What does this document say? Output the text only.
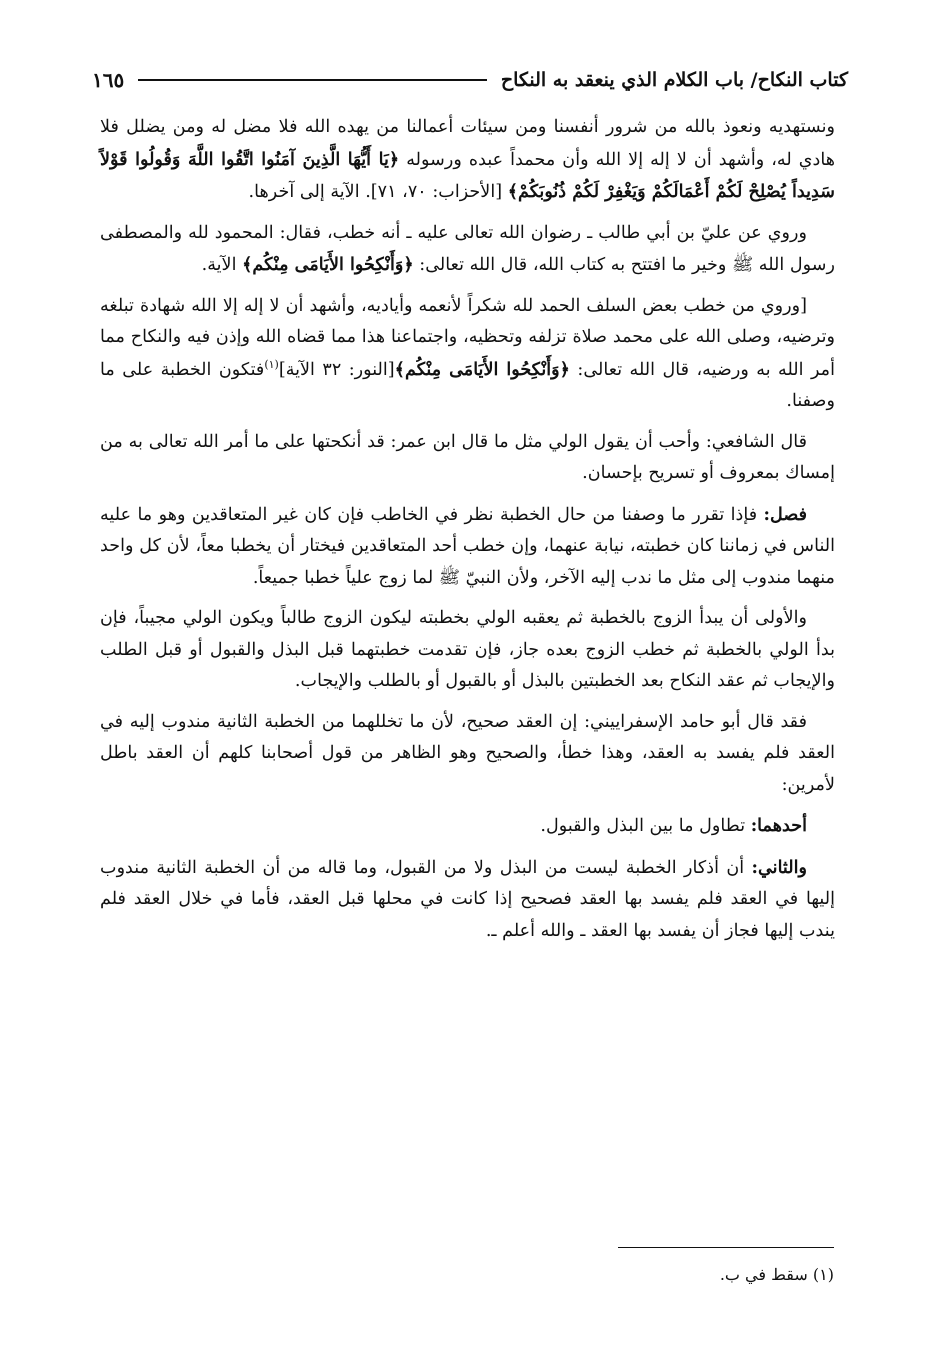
كتاب النكاح/ باب الكلام الذي ينعقد به النكاح
١٦٥

ونستهديه ونعوذ بالله من شرور أنفسنا ومن سيئات أعمالنا من يهده الله فلا مضل له ومن يضلل فلا هادي له، وأشهد أن لا إله إلا الله وأن محمداً عبده ورسوله ﴿يَا أَيُّهَا الَّذِينَ آمَنُوا اتَّقُوا اللَّهَ وَقُولُوا قَوْلاً سَدِيداً يُصْلِحْ لَكُمْ أَعْمَالَكُمْ وَيَغْفِرْ لَكُمْ ذُنُوبَكُمْ﴾ [الأحزاب: ٧٠، ٧١]. الآية إلى آخرها.

وروي عن عليّ بن أبي طالب ـ رضوان الله تعالى عليه ـ أنه خطب، فقال: المحمود لله والمصطفى رسول الله ﷺ وخير ما افتتح به كتاب الله، قال الله تعالى: ﴿وَأَنْكِحُوا الأَيَامَى مِنْكُم﴾ الآية.

[وروي من خطب بعض السلف الحمد لله شكراً لأنعمه وأياديه، وأشهد أن لا إله إلا الله شهادة تبلغه وترضيه، وصلى الله على محمد صلاة تزلفه وتحظيه، واجتماعنا هذا مما قضاه الله وإذن فيه والنكاح مما أمر الله به ورضيه، قال الله تعالى: ﴿وَأَنْكِحُوا الأَيَامَى مِنْكُم﴾[النور: ٣٢ الآية]$^{(١)}$فتكون الخطبة على ما وصفنا.

قال الشافعي: وأحب أن يقول الولي مثل ما قال ابن عمر: قد أنكحتها على ما أمر الله تعالى به من إمساك بمعروف أو تسريح بإحسان.

فصل: فإذا تقرر ما وصفنا من حال الخطبة نظر في الخاطب فإن كان غير المتعاقدين وهو ما عليه الناس في زماننا كان خطبته، نيابة عنهما، وإن خطب أحد المتعاقدين فيختار أن يخطبا معاً، لأن كل واحد منهما مندوب إلى مثل ما ندب إليه الآخر، ولأن النبيّ ﷺ لما زوج علياً خطبا جميعاً.

والأولى أن يبدأ الزوج بالخطبة ثم يعقبه الولي بخطبته ليكون الزوج طالباً ويكون الولي مجيباً، فإن بدأ الولي بالخطبة ثم خطب الزوج بعده جاز، فإن تقدمت خطبتهما قبل البذل والقبول أو قبل الطلب والإيجاب ثم عقد النكاح بعد الخطبتين بالبذل أو بالقبول أو بالطلب والإيجاب.

فقد قال أبو حامد الإسفراييني: إن العقد صحيح، لأن ما تخللهما من الخطبة الثانية مندوب إليه في العقد فلم يفسد به العقد، وهذا خطأ، والصحيح وهو الظاهر من قول أصحابنا كلهم أن العقد باطل لأمرين:

أحدهما: تطاول ما بين البذل والقبول.

والثاني: أن أذكار الخطبة ليست من البذل ولا من القبول، وما قاله من أن الخطبة الثانية مندوب إليها في العقد فلم يفسد بها العقد فصحيح إذا كانت في محلها قبل العقد، فأما في خلال العقد فلم يندب إليها فجاز أن يفسد بها العقد ـ والله أعلم ـ.

(١) سقط في ب.
